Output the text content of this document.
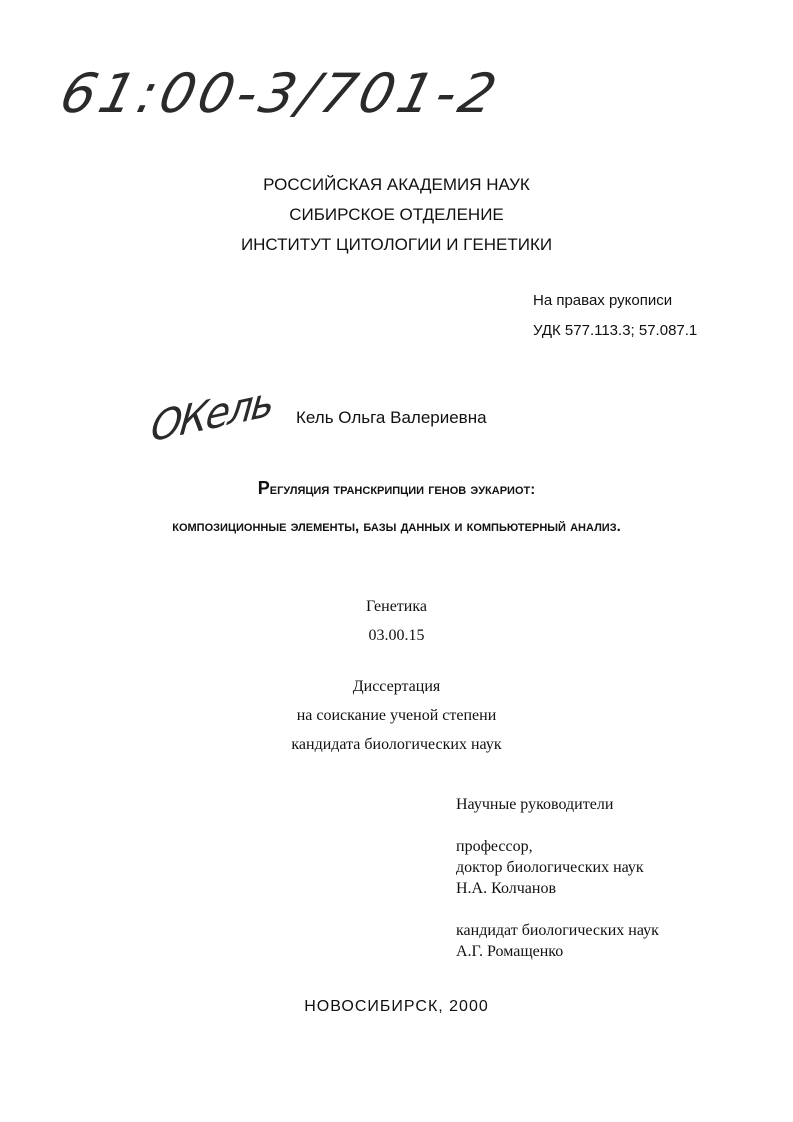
61:00-3/701-2
ОКель
РОССИЙСКАЯ АКАДЕМИЯ НАУК
СИБИРСКОЕ ОТДЕЛЕНИЕ
ИНСТИТУТ ЦИТОЛОГИИ И ГЕНЕТИКИ
На правах рукописи
УДК 577.113.3; 57.087.1
Кель Ольга Валериевна
Регуляция транскрипции генов эукариот:
композиционные элементы, базы данных и компьютерный анализ.
Генетика
03.00.15
Диссертация
на соискание ученой степени
кандидата биологических наук
Научные руководители
профессор,
доктор биологических наук
Н.А. Колчанов
кандидат биологических наук
А.Г. Ромащенко
НОВОСИБИРСК, 2000
